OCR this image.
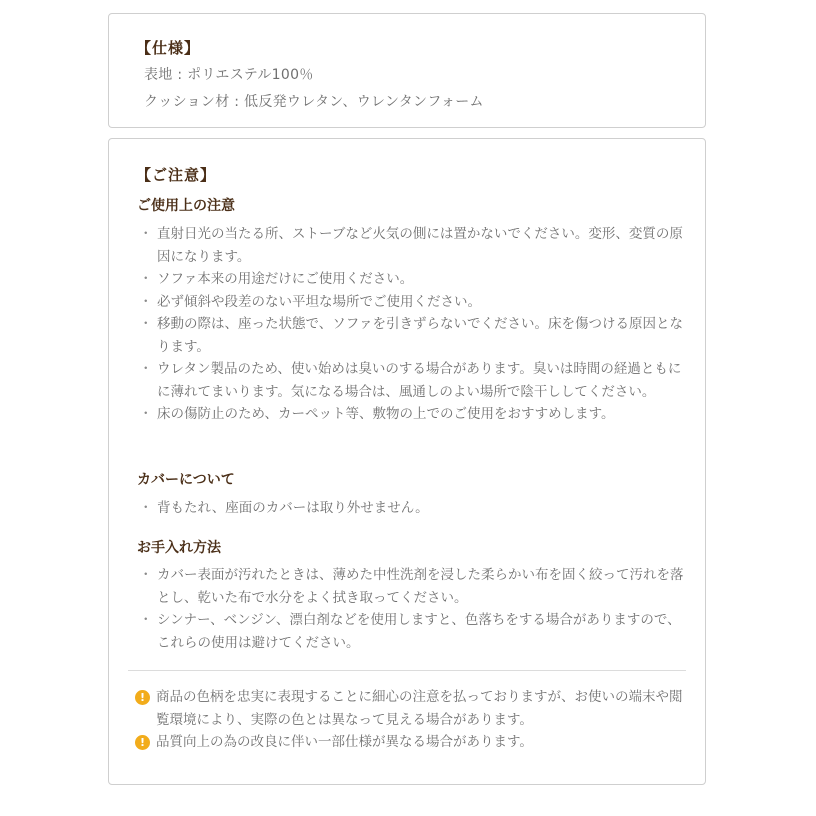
【仕様】

表地 : ポリエステル100％

クッション材 : 低反発ウレタン、ウレンタンフォーム

【ご注意】
ご使用上の注意
・ 直射日光の当たる所、ストーブなど火気の側には置かないでください。変形、変質の原因になります。
・ ソファ本来の用途だけにご使用ください。
・ 必ず傾斜や段差のない平坦な場所でご使用ください。
・ 移動の際は、座った状態で、ソファを引きずらないでください。床を傷つける原因となります。
・ ウレタン製品のため、使い始めは臭いのする場合があります。臭いは時間の経過ともにに薄れてまいります。気になる場合は、風通しのよい場所で陰干ししてください。
・ 床の傷防止のため、カーペット等、敷物の上でのご使用をおすすめします。
カバーについて
・ 背もたれ、座面のカバーは取り外せません。
お手入れ方法
・ カバー表面が汚れたときは、薄めた中性洗剤を浸した柔らかい布を固く絞って汚れを落とし、乾いた布で水分をよく拭き取ってください。
・ シンナー、ベンジン、漂白剤などを使用しますと、色落ちをする場合がありますので、これらの使用は避けてください。
! 商品の色柄を忠実に表現することに細心の注意を払っておりますが、お使いの端末や閲覧環境により、実際の色とは異なって見える場合があります。
! 品質向上の為の改良に伴い一部仕様が異なる場合があります。
